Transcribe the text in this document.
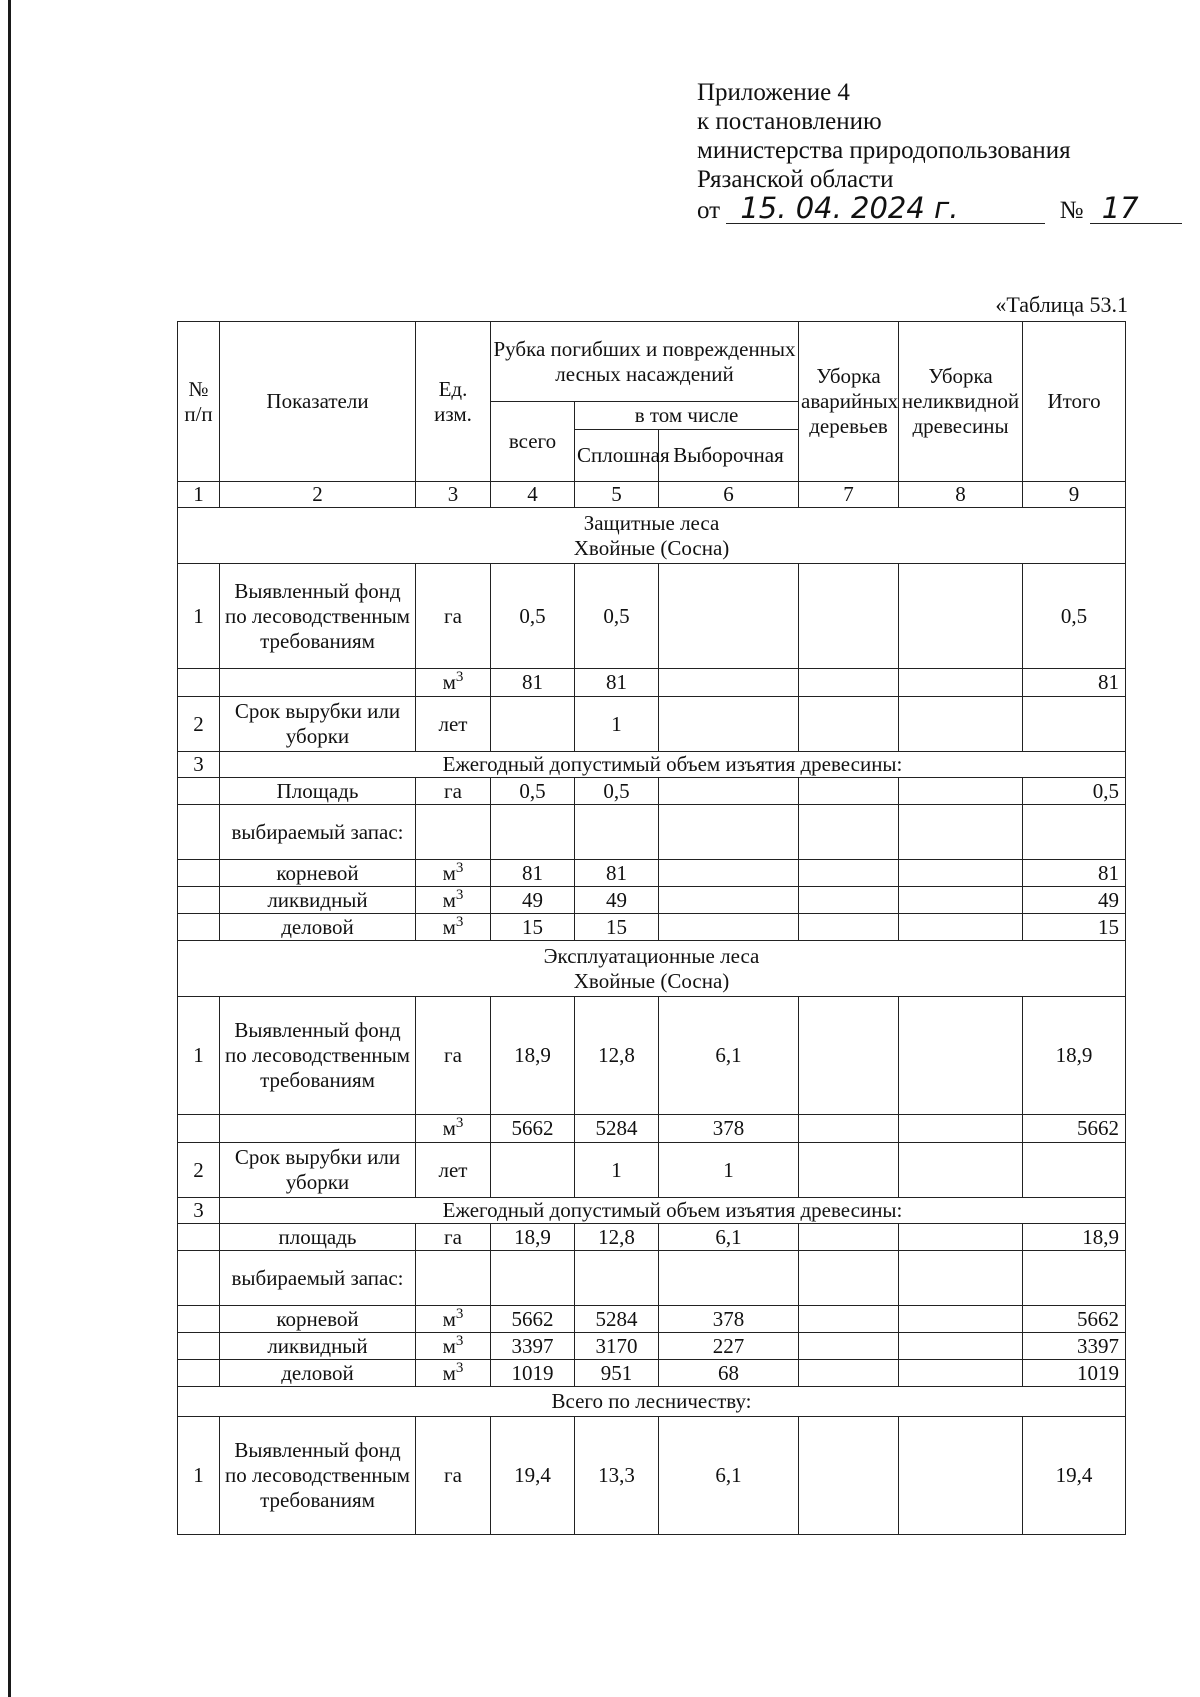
Приложение 4
к постановлению
министерства природопользования
Рязанской области
от 15. 04. 2024 г.	№ 17
«Таблица 53.1
№ п/п	Показатели	Ед. изм.	Рубка погибших и поврежденных лесных насаждений			Уборка аварийных деревьев	Уборка неликвидной древесины	Итого
			всего	в том числе				
				Сплошная	Выборочная			
1	2	3	4	5	6	7	8	9

Защитные леса
Хвойные (Сосна)								

1	Выявленный фонд по лесоводственным требованиям	га	0,5	0,5				0,5
		$м^3$	81	81				81
2	Срок вырубки или уборки	лет		1				
3	Ежегодный допустимый объем изъятия древесины:							
	Площадь	га	0,5	0,5				0,5
	выбираемый запас:							
	корневой	$м^3$	81	81				81
	ликвидный	$м^3$	49	49				49
	деловой	$м^3$	15	15				15

Эксплуатационные леса
Хвойные (Сосна)								

1	Выявленный фонд по лесоводственным требованиям	га	18,9	12,8	6,1			18,9
		$м^3$	5662	5284	378			5662
2	Срок вырубки или уборки	лет		1	1			
3	Ежегодный допустимый объем изъятия древесины:							
	площадь	га	18,9	12,8	6,1			18,9
	выбираемый запас:							
	корневой	$м^3$	5662	5284	378			5662
	ликвидный	$м^3$	3397	3170	227			3397
	деловой	$м^3$	1019	951	68			1019
Всего по лесничеству:								
1	Выявленный фонд по лесоводственным требованиям	га	19,4	13,3	6,1			19,4
